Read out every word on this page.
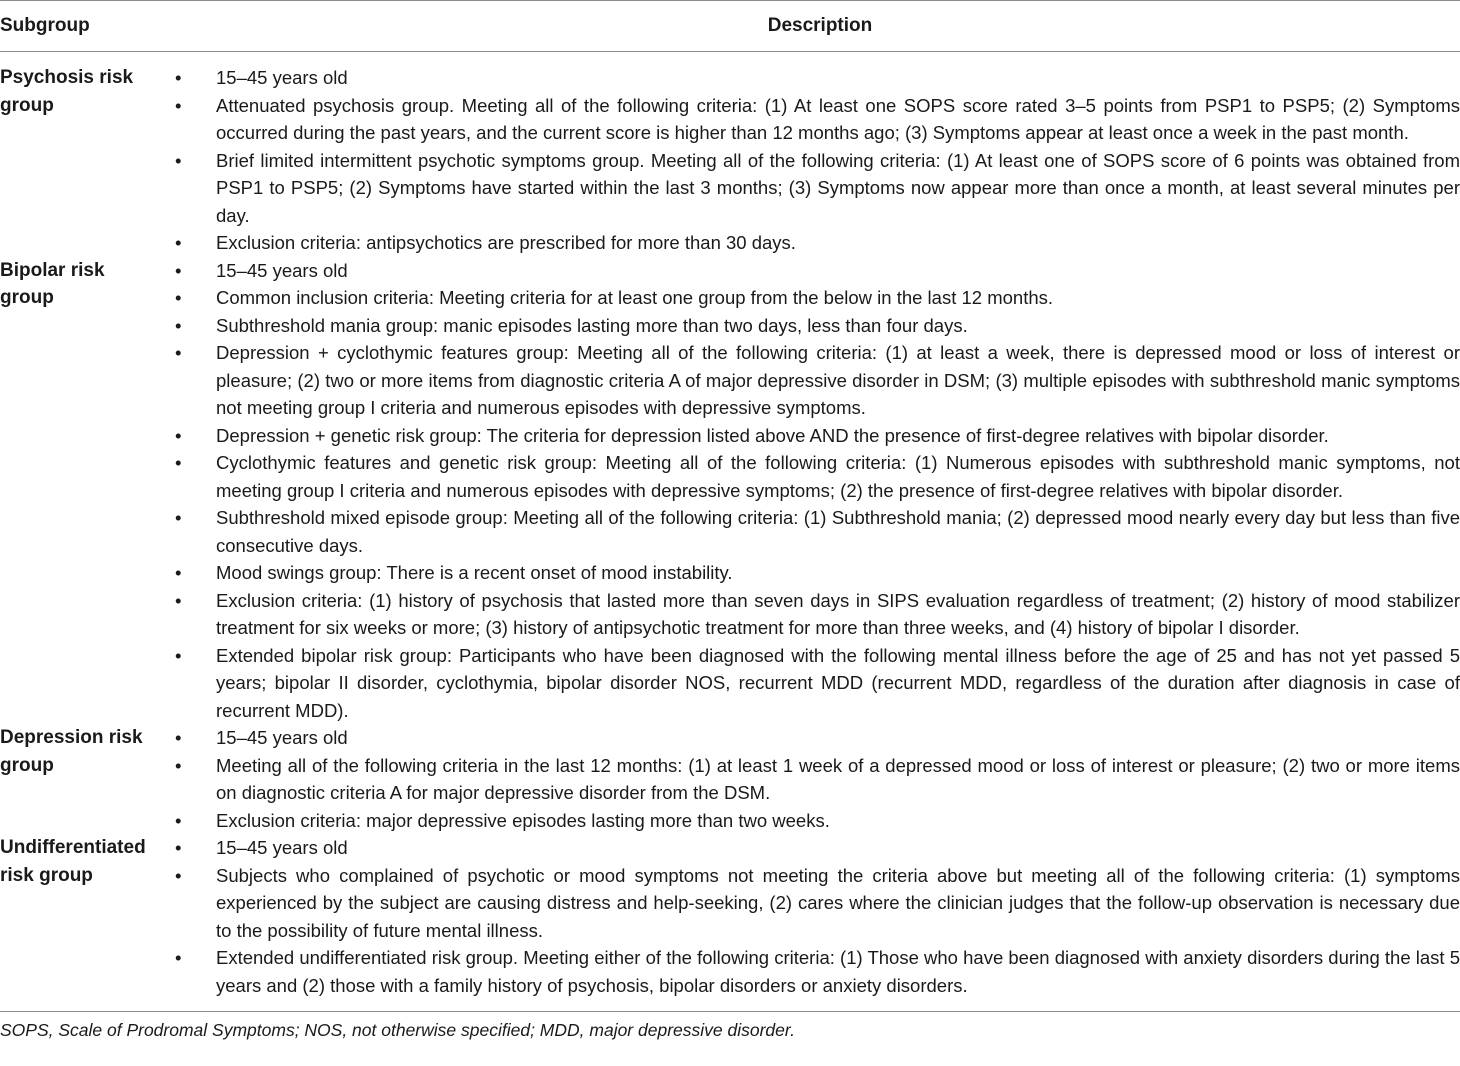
Subgroup	Description
Psychosis risk group
• 15–45 years old
• Attenuated psychosis group. Meeting all of the following criteria: (1) At least one SOPS score rated 3–5 points from PSP1 to PSP5; (2) Symptoms occurred during the past years, and the current score is higher than 12 months ago; (3) Symptoms appear at least once a week in the past month.
• Brief limited intermittent psychotic symptoms group. Meeting all of the following criteria: (1) At least one of SOPS score of 6 points was obtained from PSP1 to PSP5; (2) Symptoms have started within the last 3 months; (3) Symptoms now appear more than once a month, at least several minutes per day.
• Exclusion criteria: antipsychotics are prescribed for more than 30 days.
Bipolar risk group
• 15–45 years old
• Common inclusion criteria: Meeting criteria for at least one group from the below in the last 12 months.
• Subthreshold mania group: manic episodes lasting more than two days, less than four days.
• Depression + cyclothymic features group: Meeting all of the following criteria: (1) at least a week, there is depressed mood or loss of interest or pleasure; (2) two or more items from diagnostic criteria A of major depressive disorder in DSM; (3) multiple episodes with subthreshold manic symptoms not meeting group I criteria and numerous episodes with depressive symptoms.
• Depression + genetic risk group: The criteria for depression listed above AND the presence of first-degree relatives with bipolar disorder.
• Cyclothymic features and genetic risk group: Meeting all of the following criteria: (1) Numerous episodes with subthreshold manic symptoms, not meeting group I criteria and numerous episodes with depressive symptoms; (2) the presence of first-degree relatives with bipolar disorder.
• Subthreshold mixed episode group: Meeting all of the following criteria: (1) Subthreshold mania; (2) depressed mood nearly every day but less than five consecutive days.
• Mood swings group: There is a recent onset of mood instability.
• Exclusion criteria: (1) history of psychosis that lasted more than seven days in SIPS evaluation regardless of treatment; (2) history of mood stabilizer treatment for six weeks or more; (3) history of antipsychotic treatment for more than three weeks, and (4) history of bipolar I disorder.
• Extended bipolar risk group: Participants who have been diagnosed with the following mental illness before the age of 25 and has not yet passed 5 years; bipolar II disorder, cyclothymia, bipolar disorder NOS, recurrent MDD (recurrent MDD, regardless of the duration after diagnosis in case of recurrent MDD).
Depression risk group
• 15–45 years old
• Meeting all of the following criteria in the last 12 months: (1) at least 1 week of a depressed mood or loss of interest or pleasure; (2) two or more items on diagnostic criteria A for major depressive disorder from the DSM.
• Exclusion criteria: major depressive episodes lasting more than two weeks.
Undifferentiated risk group
• 15–45 years old
• Subjects who complained of psychotic or mood symptoms not meeting the criteria above but meeting all of the following criteria: (1) symptoms experienced by the subject are causing distress and help-seeking, (2) cares where the clinician judges that the follow-up observation is necessary due to the possibility of future mental illness.
• Extended undifferentiated risk group. Meeting either of the following criteria: (1) Those who have been diagnosed with anxiety disorders during the last 5 years and (2) those with a family history of psychosis, bipolar disorders or anxiety disorders.
SOPS, Scale of Prodromal Symptoms; NOS, not otherwise specified; MDD, major depressive disorder.
